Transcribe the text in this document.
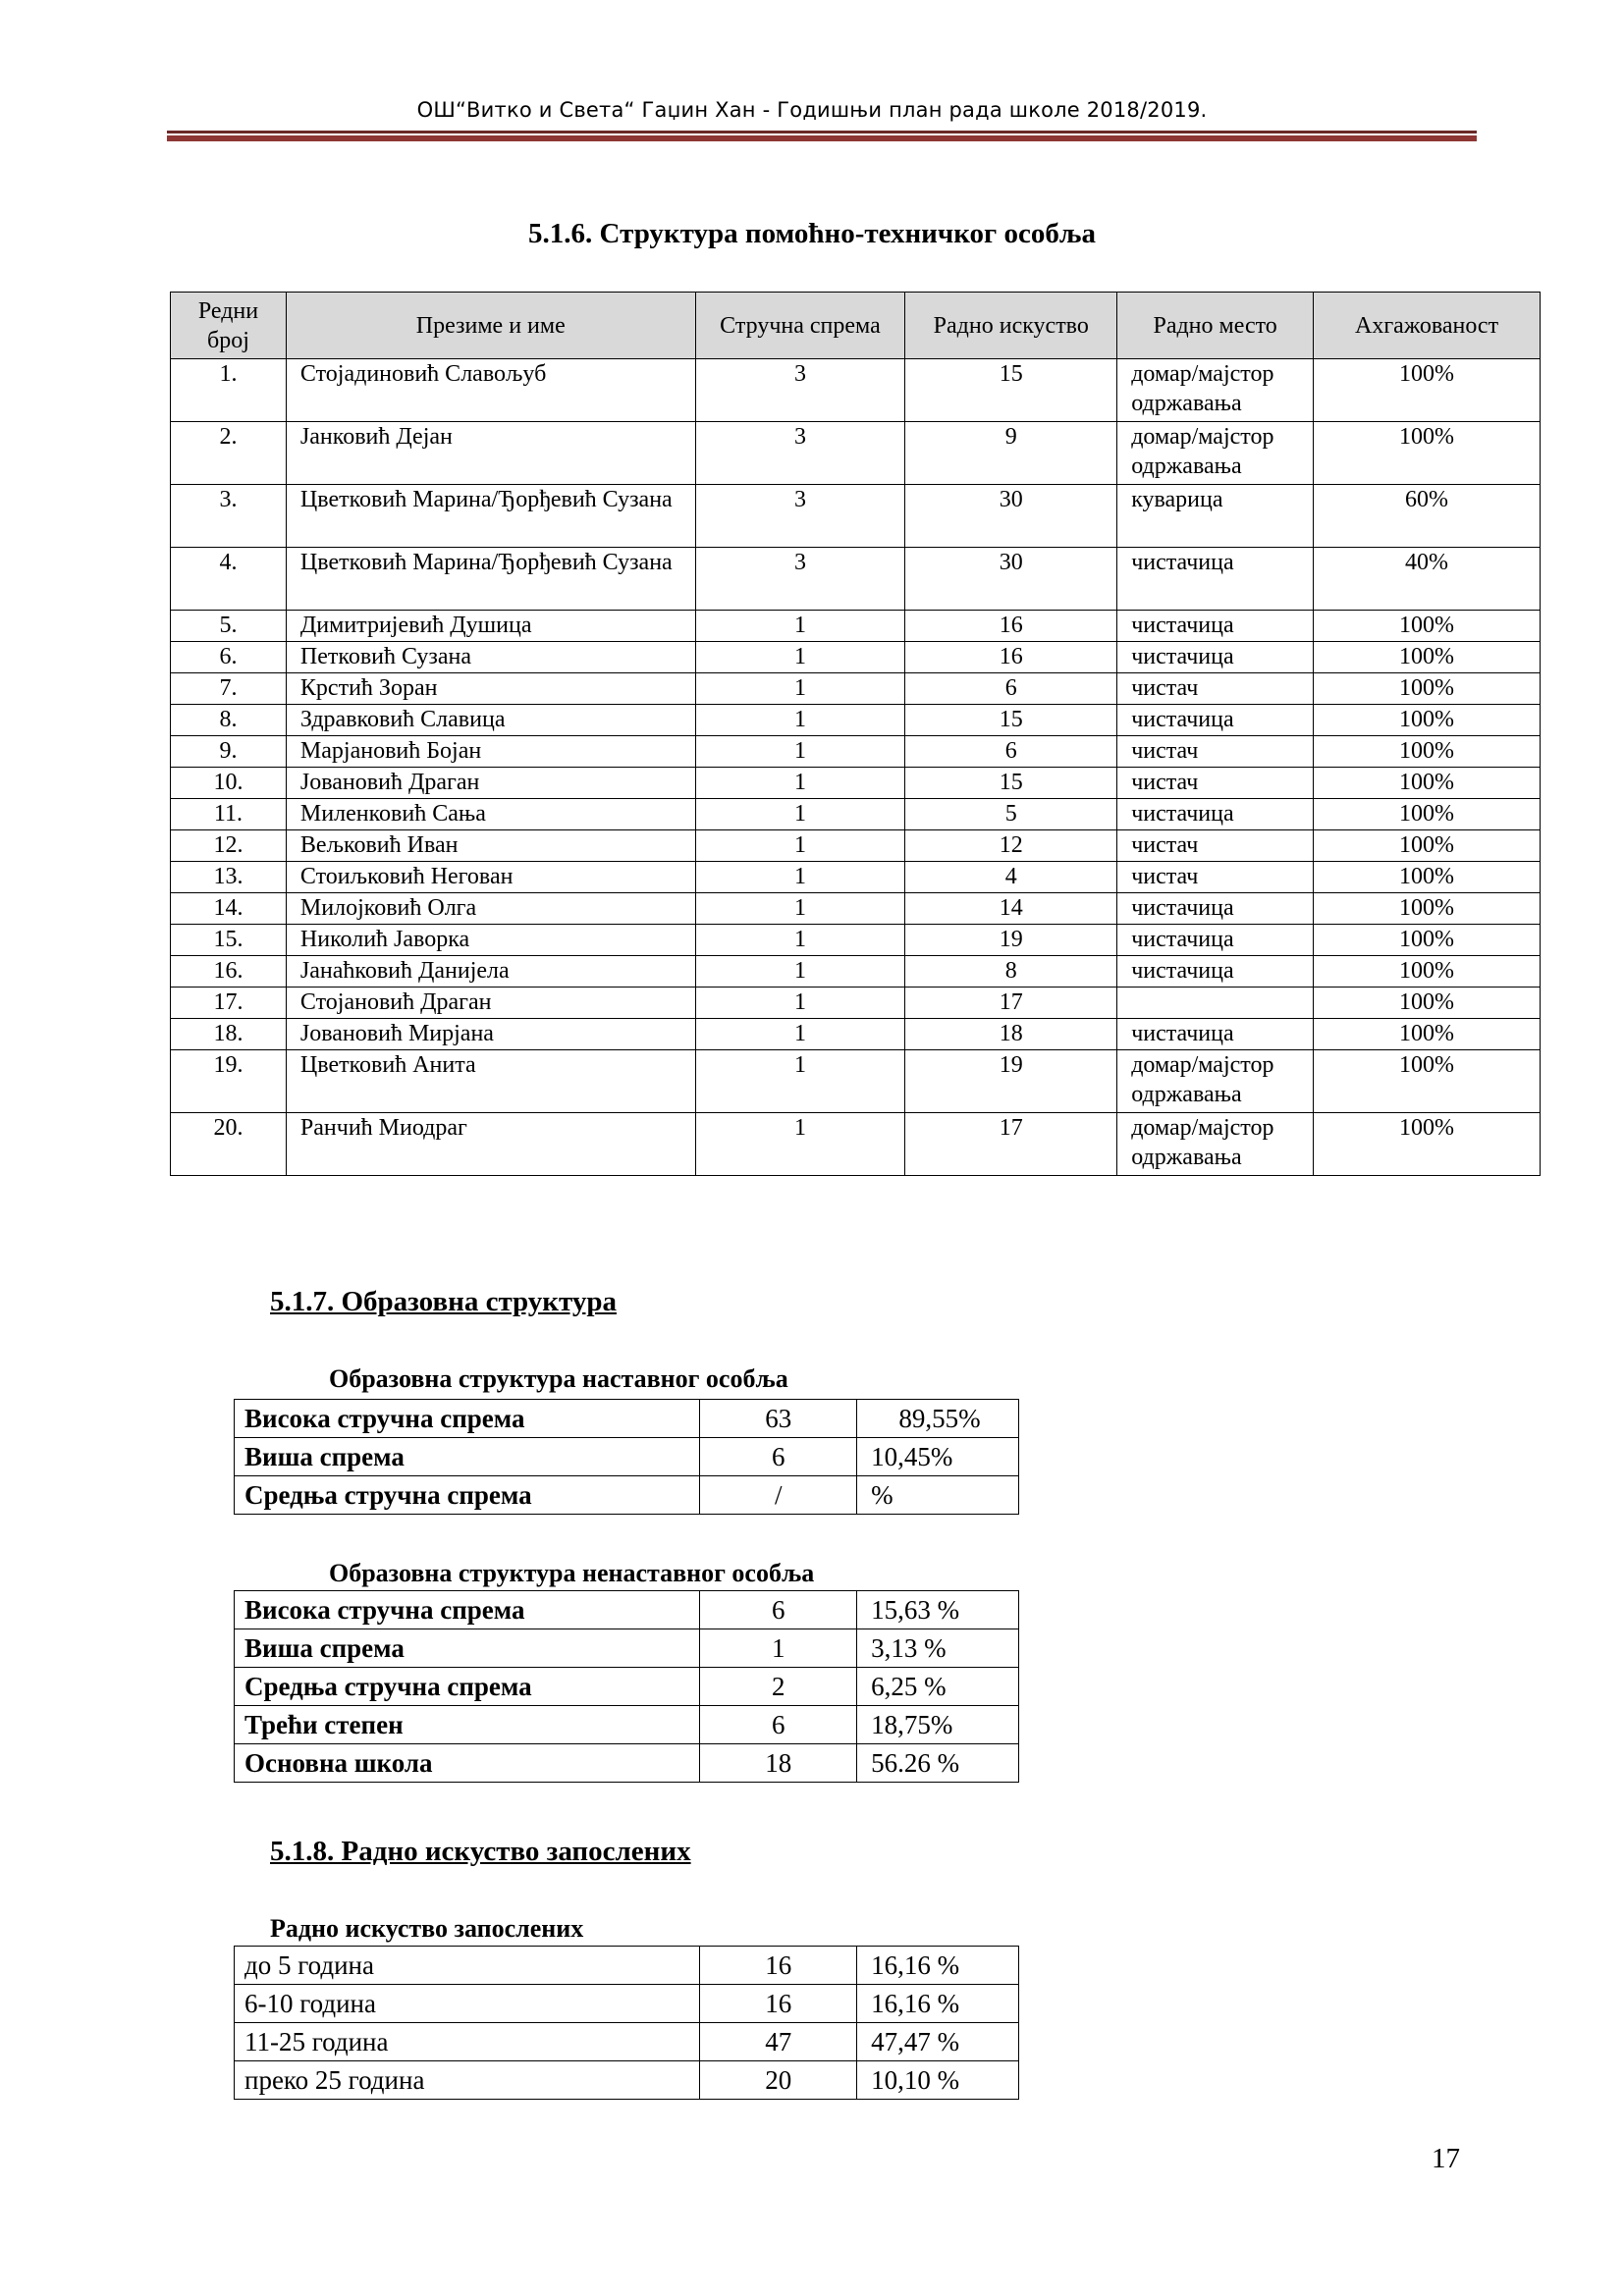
ОШ“Витко и Света“ Гаџин Хан - Годишњи план рада школе 2018/2019.
5.1.6. Структура помоћно-техничког особља
Редни број	Презиме и име	Стручна спрема	Радно искуство	Радно место	Ахгажованост
1.	Стојадиновић Славољуб	3	15	домар/мајстор одржавања	100%
2.	Јанковић Дејан	3	9	домар/мајстор одржавања	100%
3.	Цветковић Марина/Ђорђевић Сузана	3	30	куварица	60%
4.	Цветковић Марина/Ђорђевић Сузана	3	30	чистачица	40%
5.	Димитријевић Душица	1	16	чистачица	100%
6.	Петковић Сузана	1	16	чистачица	100%
7.	Крстић Зоран	1	6	чистач	100%
8.	Здравковић Славица	1	15	чистачица	100%
9.	Марјановић Бојан	1	6	чистач	100%
10.	Јовановић Драган	1	15	чистач	100%
11.	Миленковић Сања	1	5	чистачица	100%
12.	Вељковић Иван	1	12	чистач	100%
13.	Стоиљковић Негован	1	4	чистач	100%
14.	Милојковић Олга	1	14	чистачица	100%
15.	Николић Јаворка	1	19	чистачица	100%
16.	Јанаћковић Данијела	1	8	чистачица	100%
17.	Стојановић Драган	1	17		100%
18.	Јовановић Мирјана	1	18	чистачица	100%
19.	Цветковић Анита	1	19	домар/мајстор одржавања	100%
20.	Ранчић Миодраг	1	17	домар/мајстор одржавања	100%
5.1.7. Образовна структура
Образовна структура наставног особља
Висока стручна спрема	63	89,55%
Виша спрема	6	10,45%
Средња стручна спрема	/	%
Образовна структура ненаставног особља
Висока стручна спрема	6	15,63 %
Виша спрема	1	3,13 %
Средња стручна спрема	2	6,25 %
Трећи степен	6	18,75%
Основна школа	18	56.26 %
5.1.8. Радно искуство запослених
Радно искуство запослених
до 5 година	16	16,16 %
6-10 година	16	16,16 %
11-25 година	47	47,47 %
преко 25 година	20	10,10 %
17
